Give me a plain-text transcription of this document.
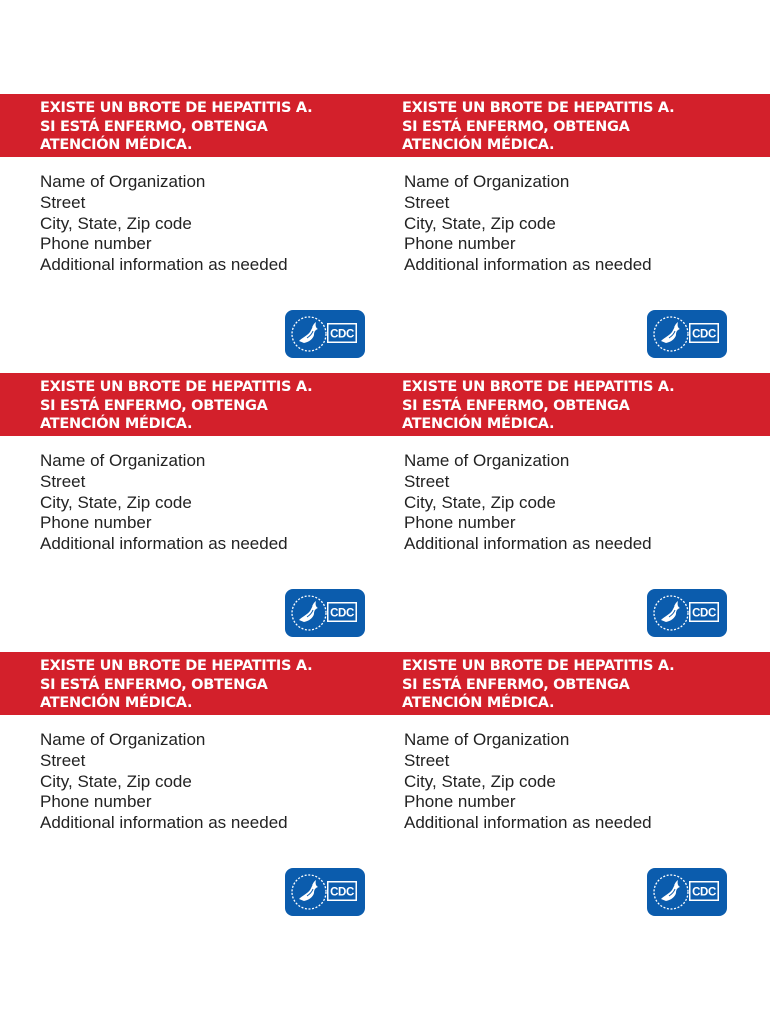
EXISTE UN BROTE DE HEPATITIS A.
SI ESTÁ ENFERMO, OBTENGA
ATENCIÓN MÉDICA.
Name of Organization
Street
City, State, Zip code
Phone number
Additional information as needed
CDC
EXISTE UN BROTE DE HEPATITIS A.
SI ESTÁ ENFERMO, OBTENGA
ATENCIÓN MÉDICA.
Name of Organization
Street
City, State, Zip code
Phone number
Additional information as needed
CDC
EXISTE UN BROTE DE HEPATITIS A.
SI ESTÁ ENFERMO, OBTENGA
ATENCIÓN MÉDICA.
Name of Organization
Street
City, State, Zip code
Phone number
Additional information as needed
CDC
EXISTE UN BROTE DE HEPATITIS A.
SI ESTÁ ENFERMO, OBTENGA
ATENCIÓN MÉDICA.
Name of Organization
Street
City, State, Zip code
Phone number
Additional information as needed
CDC
EXISTE UN BROTE DE HEPATITIS A.
SI ESTÁ ENFERMO, OBTENGA
ATENCIÓN MÉDICA.
Name of Organization
Street
City, State, Zip code
Phone number
Additional information as needed
CDC
EXISTE UN BROTE DE HEPATITIS A.
SI ESTÁ ENFERMO, OBTENGA
ATENCIÓN MÉDICA.
Name of Organization
Street
City, State, Zip code
Phone number
Additional information as needed
CDC
